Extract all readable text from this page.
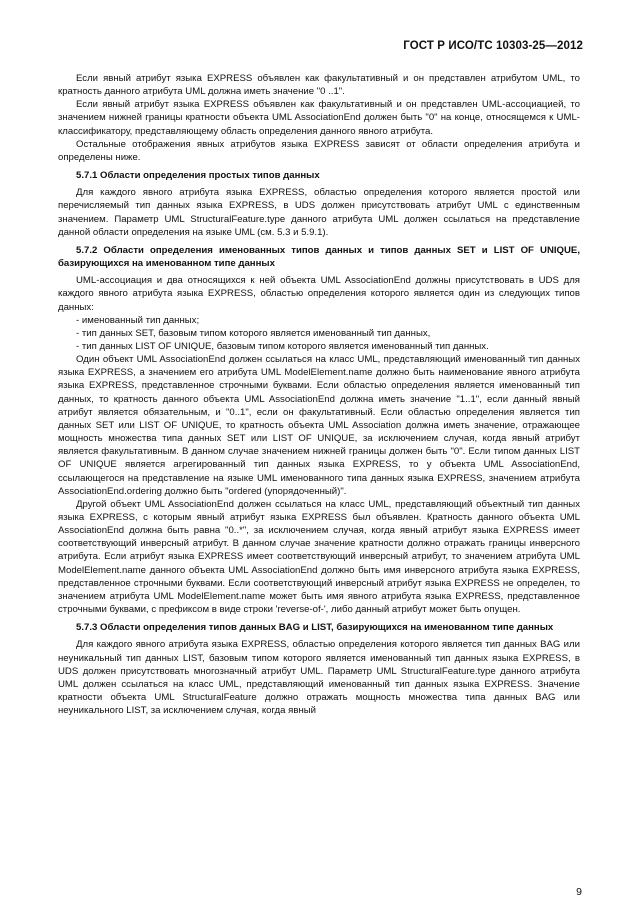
ГОСТ Р ИСО/ТС 10303-25—2012

Если явный атрибут языка EXPRESS объявлен как факультативный и он представлен атрибутом UML, то кратность данного атрибута UML должна иметь значение "0 ..1".

Если явный атрибут языка EXPRESS объявлен как факультативный и он представлен UML-ассоциацией, то значением нижней границы кратности объекта UML AssociationEnd должен быть "0" на конце, относящемся к UML-классификатору, представляющему область определения данного явного атрибута.

Остальные отображения явных атрибутов языка EXPRESS зависят от области определения атрибута и определены ниже.

5.7.1 Области определения простых типов данных

Для каждого явного атрибута языка EXPRESS, областью определения которого является простой или перечисляемый тип данных языка EXPRESS, в UDS должен присутствовать атрибут UML с единственным значением. Параметр UML StructuralFeature.type данного атрибута UML должен ссылаться на представление данной области определения на языке UML (см. 5.3 и 5.9.1).

5.7.2 Области определения именованных типов данных и типов данных SET и LIST OF UNIQUE, базирующихся на именованном типе данных

UML-ассоциация и два относящихся к ней объекта UML AssociationEnd должны присутствовать в UDS для каждого явного атрибута языка EXPRESS, областью определения которого является один из следующих типов данных:

- именованный тип данных;

- тип данных SET, базовым типом которого является именованный тип данных,

- тип данных LIST OF UNIQUE, базовым типом которого является именованный тип данных.

Один объект UML AssociationEnd должен ссылаться на класс UML, представляющий именованный тип данных языка EXPRESS, а значением его атрибута UML ModelElement.name должно быть наименование явного атрибута языка EXPRESS, представленное строчными буквами. Если областью определения является именованный тип данных, то кратность данного объекта UML AssociationEnd должна иметь значение "1..1", если данный явный атрибут является обязательным, и "0..1", если он факультативный. Если областью определения является тип данных SET или LIST OF UNIQUE, то кратность объекта UML Association должна иметь значение, отражающее мощность множества типа данных SET или LIST OF UNIQUE, за исключением случая, когда явный атрибут является факультативным. В данном случае значением нижней границы должен быть "0". Если типом данных LIST OF UNIQUE является агрегированный тип данных языка EXPRESS, то у объекта UML AssociationEnd, ссылающегося на представление на языке UML именованного типа данных языка EXPRESS, значением атрибута AssociationEnd.ordering должно быть "ordered (упорядоченный)".

Другой объект UML AssociationEnd должен ссылаться на класс UML, представляющий объектный тип данных языка EXPRESS, с которым явный атрибут языка EXPRESS был объявлен. Кратность данного объекта UML AssociationEnd должна быть равна "0..*", за исключением случая, когда явный атрибут языка EXPRESS имеет соответствующий инверсный атрибут. В данном случае значение кратности должно отражать границы инверсного атрибута. Если атрибут языка EXPRESS имеет соответствующий инверсный атрибут, то значением атрибута UML ModelElement.name данного объекта UML AssociationEnd должно быть имя инверсного атрибута языка EXPRESS, представленное строчными буквами. Если соответствующий инверсный атрибут языка EXPRESS не определен, то значением атрибута UML ModelElement.name может быть имя явного атрибута языка EXPRESS, представленное строчными буквами, с префиксом в виде строки 'reverse-of-', либо данный атрибут может быть опущен.

5.7.3 Области определения типов данных BAG и LIST, базирующихся на именованном типе данных

Для каждого явного атрибута языка EXPRESS, областью определения которого является тип данных BAG или неуникальный тип данных LIST, базовым типом которого является именованный тип данных языка EXPRESS, в UDS должен присутствовать многозначный атрибут UML. Параметр UML StructuralFeature.type данного атрибута UML должен ссылаться на класс UML, представляющий именованный тип данных языка EXPRESS. Значение кратности объекта UML StructuralFeature должно отражать мощность множества типа данных BAG или неуникального LIST, за исключением случая, когда явный

9
